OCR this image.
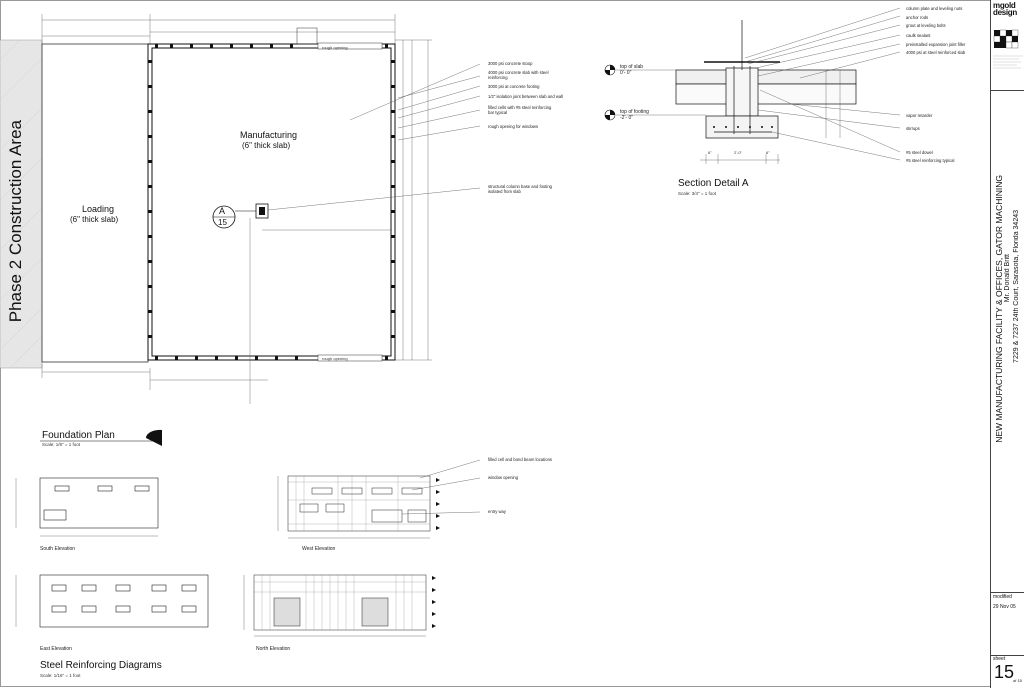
Phase 2 Construction Area	Manufacturing
(6" thick slab)
Loading
(6" thick slab)
A
15
rough opening
rough opening
Foundation Plan
Scale: 1/8" = 1 foot
3000 psi concrete stoop
4000 psi concrete slab with steel reinforcing
3000 psi at concrete footing
1/2" isolation joint between slab and wall
filled cells with #5 steel reinforcing bar typical
rough opening for windows
structural column base and footing isolated from slab
top of slab
0'- 0"
top of footing
-2'- 0"
6"	2'-0"	6"
Section Detail A
Scale: 3/4" = 1 foot
column plate and leveling nuts
anchor rods
grout at leveling bolts
caulk sealant
preinstalled expansion joint filler
4000 psi at steel reinforced slab
vapor retarder
stirrups
#5 steel dowel
#5 steel reinforcing typical
South Elevation	West Elevation
East Elevation	North Elevation
Steel Reinforcing Diagrams
Scale: 1/16" = 1 foot
filled cell and bond beam locations
window opening
entry way
mgold
design
NEW MANUFACTURING FACILITY & OFFICES, GATOR MACHINING Mr. Donald Britt 7229 & 7237 24th Court, Sarasota, Florida 34243
modified
29 Nov 05
sheet
15
of 15
